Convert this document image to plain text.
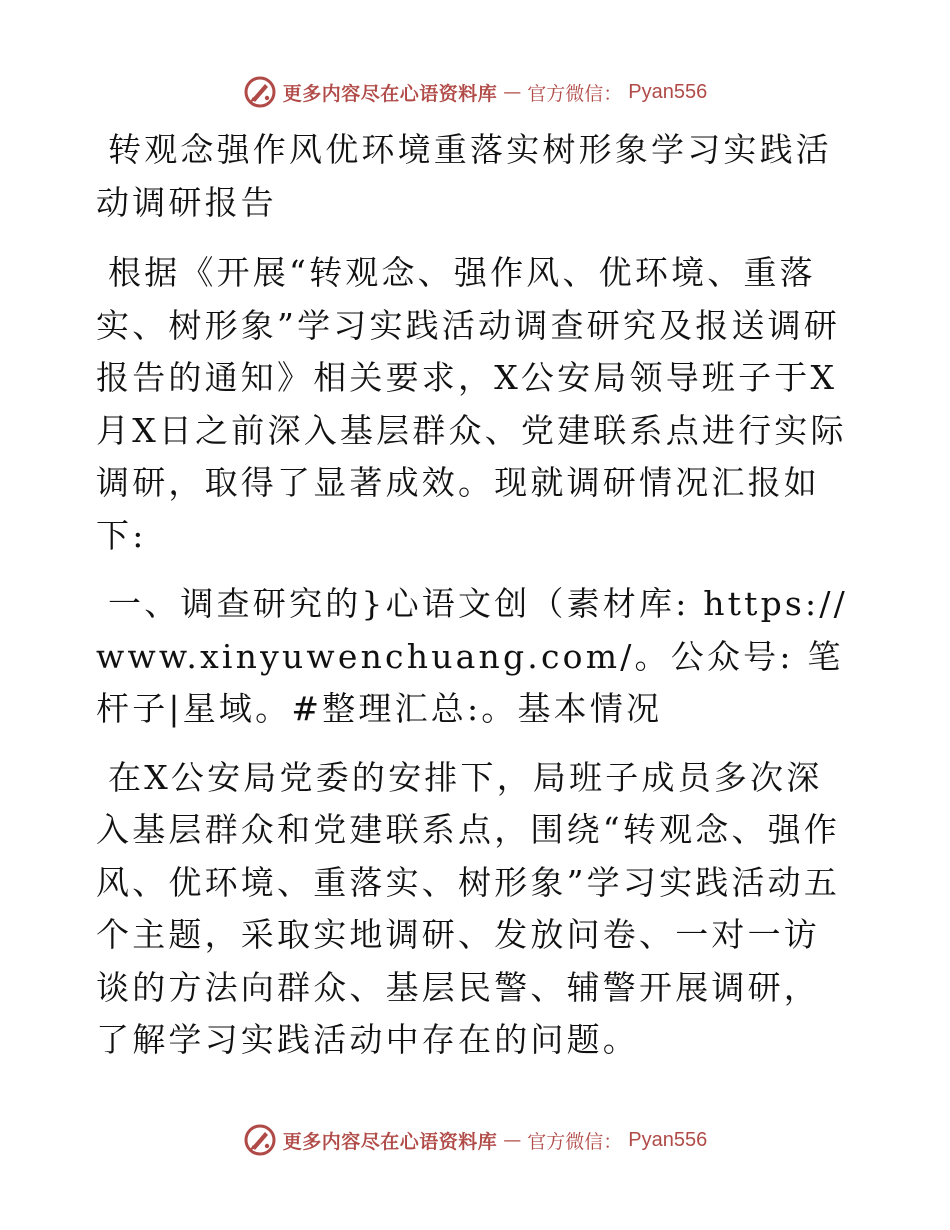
更多内容尽在心语资料库 — 官方微信： Pyan556

转观念强作风优环境重落实树形象学习实践活动调研报告

根据《开展“转观念、强作风、优环境、重落实、树形象”学习实践活动调查研究及报送调研报告的通知》相关要求，X公安局领导班子于X月X日之前深入基层群众、党建联系点进行实际调研，取得了显著成效。现就调研情况汇报如下:

一、调查研究的}心语文创（素材库: https://www.xinyuwenchuang.com/。公众号: 笔杆子|星域。#整理汇总:。基本情况

在X公安局党委的安排下，局班子成员多次深入基层群众和党建联系点，围绕“转观念、强作风、优环境、重落实、树形象”学习实践活动五个主题，采取实地调研、发放问卷、一对一访谈的方法向群众、基层民警、辅警开展调研，了解学习实践活动中存在的问题。

更多内容尽在心语资料库 — 官方微信： Pyan556
